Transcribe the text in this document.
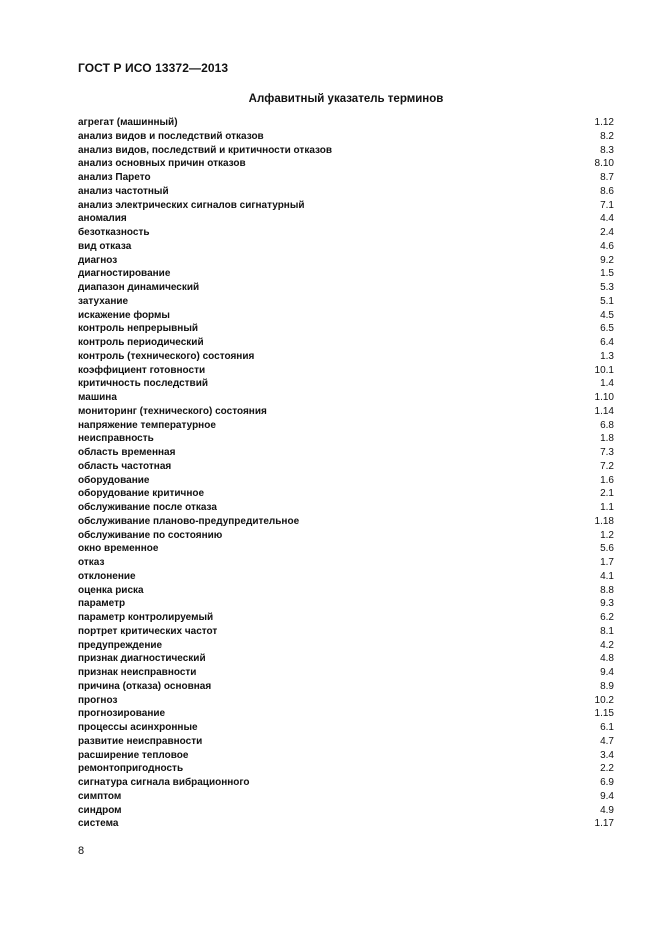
ГОСТ Р ИСО 13372—2013
Алфавитный указатель терминов
агрегат (машинный)	1.12
анализ видов и последствий отказов	8.2
анализ видов, последствий и критичности отказов	8.3
анализ основных причин отказов	8.10
анализ Парето	8.7
анализ частотный	8.6
анализ электрических сигналов сигнатурный	7.1
аномалия	4.4
безотказность	2.4
вид отказа	4.6
диагноз	9.2
диагностирование	1.5
диапазон динамический	5.3
затухание	5.1
искажение формы	4.5
контроль непрерывный	6.5
контроль периодический	6.4
контроль (технического) состояния	1.3
коэффициент готовности	10.1
критичность последствий	1.4
машина	1.10
мониторинг (технического) состояния	1.14
напряжение температурное	6.8
неисправность	1.8
область временная	7.3
область частотная	7.2
оборудование	1.6
оборудование критичное	2.1
обслуживание после отказа	1.1
обслуживание планово-предупредительное	1.18
обслуживание по состоянию	1.2
окно временное	5.6
отказ	1.7
отклонение	4.1
оценка риска	8.8
параметр	9.3
параметр контролируемый	6.2
портрет критических частот	8.1
предупреждение	4.2
признак диагностический	4.8
признак неисправности	9.4
причина (отказа) основная	8.9
прогноз	10.2
прогнозирование	1.15
процессы асинхронные	6.1
развитие неисправности	4.7
расширение тепловое	3.4
ремонтопригодность	2.2
сигнатура сигнала вибрационного	6.9
симптом	9.4
синдром	4.9
система	1.17
8
